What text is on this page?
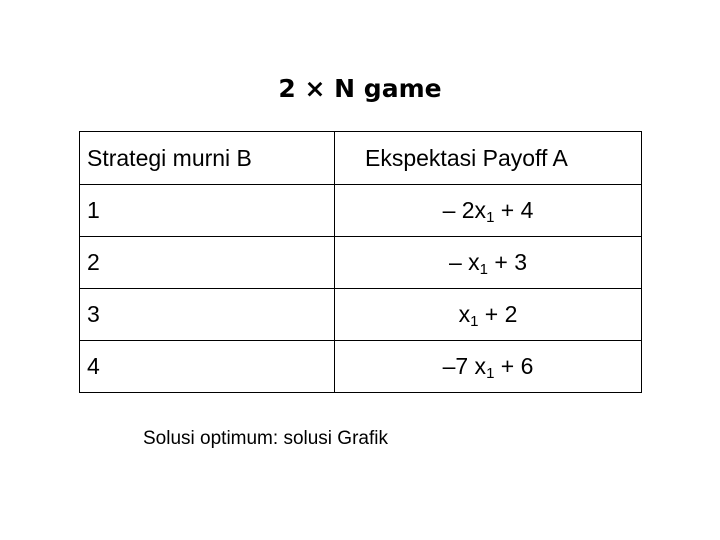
2 × N game
Strategi murni B	Ekspektasi Payoff A
1	– $2x_1 + 4$
2	– $x_1 + 3$
3	$x_1 + 2$
4	–7 $x_1 + 6$
Solusi optimum: solusi Grafik
